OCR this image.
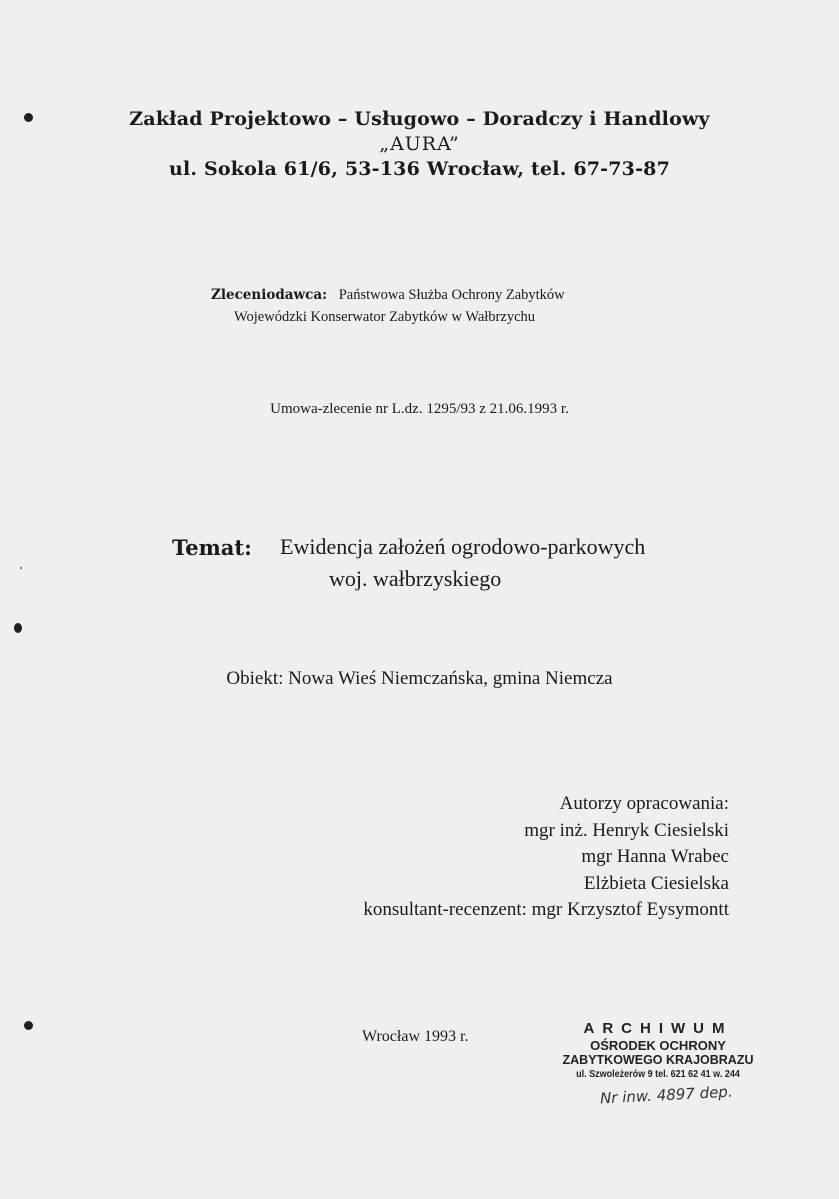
Zakład Projektowo – Usługowo – Doradczy i Handlowy
„AURA”
ul. Sokola 61/6, 53-136 Wrocław, tel. 67-73-87
Zleceniodawca: Państwowa Służba Ochrony Zabytków
Wojewódzki Konserwator Zabytków w Wałbrzychu
Umowa-zlecenie nr L.dz. 1295/93 z 21.06.1993 r.
Temat: Ewidencja założeń ogrodowo-parkowych
woj. wałbrzyskiego
Obiekt: Nowa Wieś Niemczańska, gmina Niemcza
Autorzy opracowania:
mgr inż. Henryk Ciesielski
mgr Hanna Wrabec
Elżbieta Ciesielska
konsultant-recenzent: mgr Krzysztof Eysymontt
Wrocław 1993 r.	ARCHIWUM
OŚRODEK OCHRONY
ZABYTKOWEGO KRAJOBRAZU
ul. Szwoleżerów 9 tel. 621 62 41 w. 244
Nr inw. 4897 dep.
